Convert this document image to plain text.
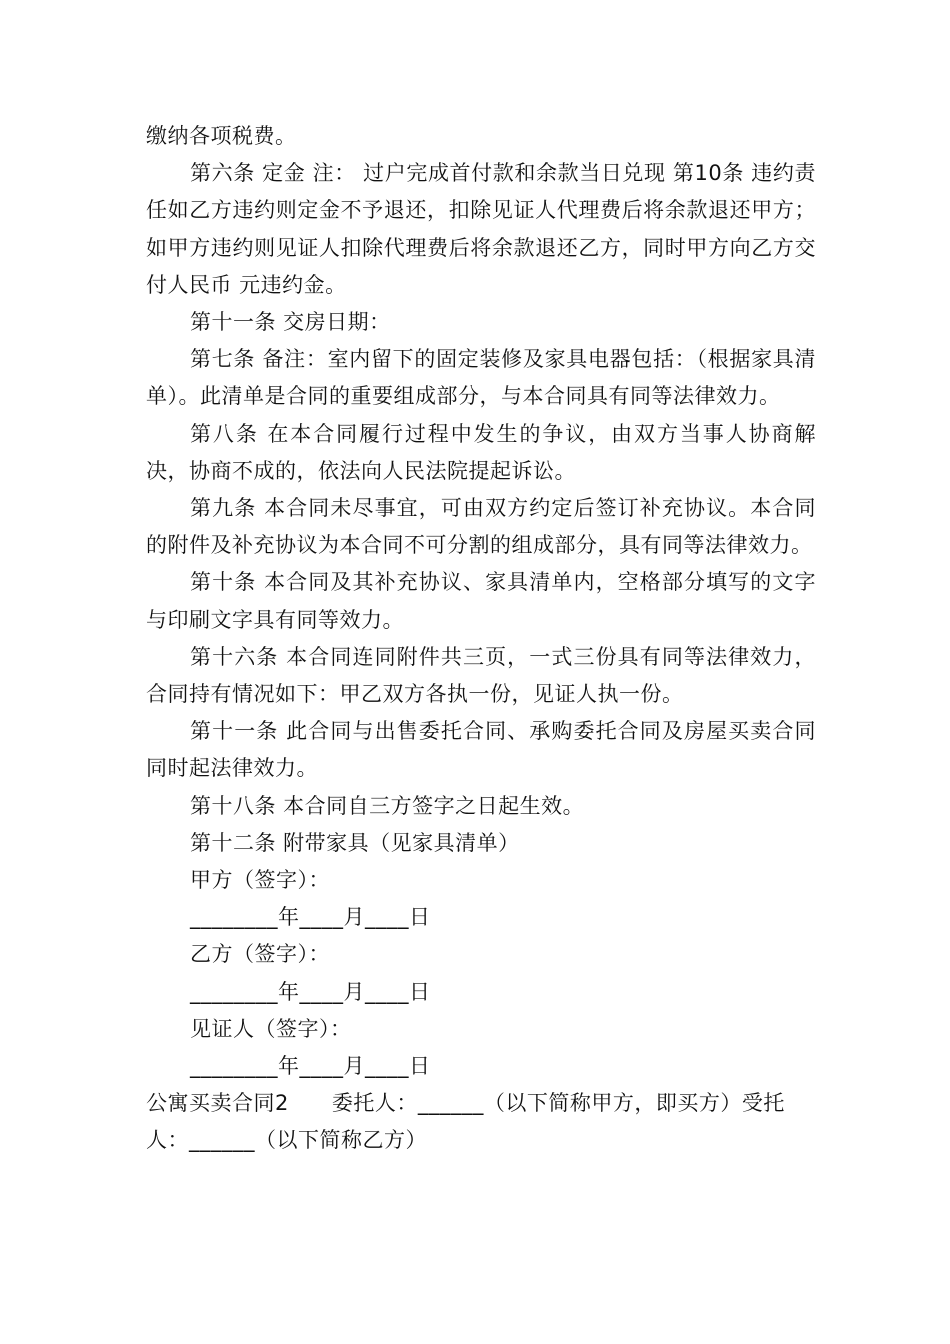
缴纳各项税费。

第六条 定金 注： 过户完成首付款和余款当日兑现 第10条 违约责任如乙方违约则定金不予退还，扣除见证人代理费后将余款退还甲方；如甲方违约则见证人扣除代理费后将余款退还乙方，同时甲方向乙方交付人民币 元违约金。

第十一条 交房日期：

第七条 备注：室内留下的固定装修及家具电器包括：（根据家具清单）。此清单是合同的重要组成部分，与本合同具有同等法律效力。

第八条 在本合同履行过程中发生的争议，由双方当事人协商解决，协商不成的，依法向人民法院提起诉讼。

第九条 本合同未尽事宜，可由双方约定后签订补充协议。本合同的附件及补充协议为本合同不可分割的组成部分，具有同等法律效力。

第十条 本合同及其补充协议、家具清单内，空格部分填写的文字与印刷文字具有同等效力。

第十六条 本合同连同附件共三页，一式三份具有同等法律效力，合同持有情况如下：甲乙双方各执一份，见证人执一份。

第十一条 此合同与出售委托合同、承购委托合同及房屋买卖合同同时起法律效力。

第十八条 本合同自三方签字之日起生效。

第十二条 附带家具（见家具清单）

甲方（签字）：

________年____月____日

乙方（签字）：

________年____月____日

见证人（签字）：

________年____月____日

公寓买卖合同2　　委托人：______（以下简称甲方，即买方）受托人：______（以下简称乙方）
